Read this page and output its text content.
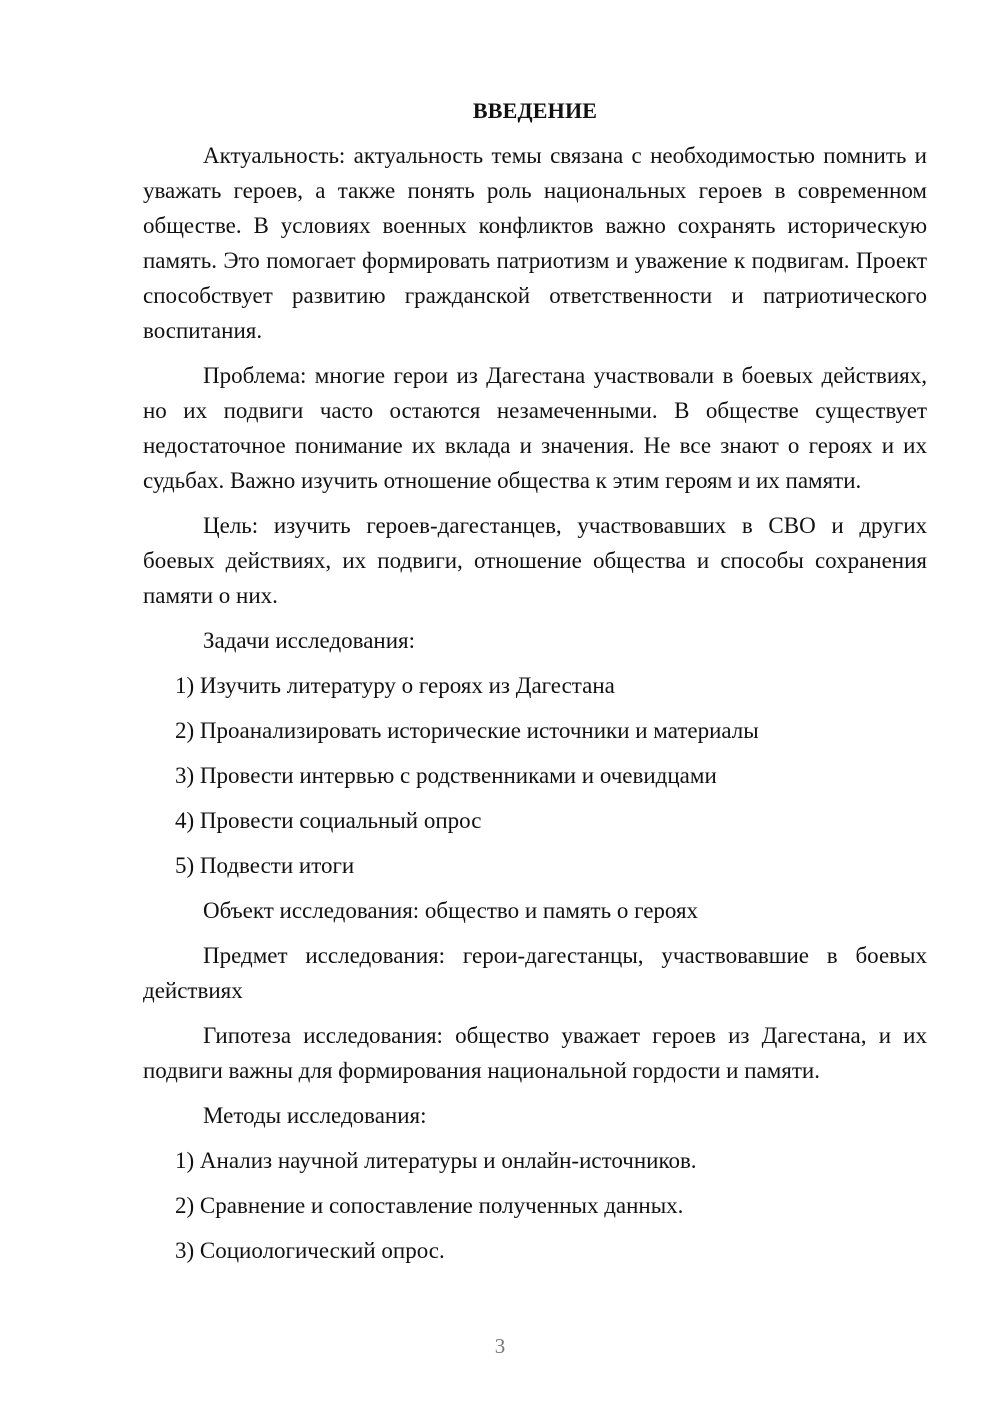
ВВЕДЕНИЕ

Актуальность: актуальность темы связана с необходимостью помнить и уважать героев, а также понять роль национальных героев в современном обществе. В условиях военных конфликтов важно сохранять историческую память. Это помогает формировать патриотизм и уважение к подвигам. Проект способствует развитию гражданской ответственности и патриотического воспитания.

Проблема: многие герои из Дагестана участвовали в боевых действиях, но их подвиги часто остаются незамеченными. В обществе существует недостаточное понимание их вклада и значения. Не все знают о героях и их судьбах. Важно изучить отношение общества к этим героям и их памяти.

Цель: изучить героев-дагестанцев, участвовавших в СВО и других боевых действиях, их подвиги, отношение общества и способы сохранения памяти о них.

Задачи исследования:

1) Изучить литературу о героях из Дагестана
2) Проанализировать исторические источники и материалы
3) Провести интервью с родственниками и очевидцами
4) Провести социальный опрос
5) Подвести итоги

Объект исследования: общество и память о героях

Предмет исследования: герои-дагестанцы, участвовавшие в боевых действиях

Гипотеза исследования: общество уважает героев из Дагестана, и их подвиги важны для формирования национальной гордости и памяти.

Методы исследования:

1) Анализ научной литературы и онлайн-источников.
2) Сравнение и сопоставление полученных данных.
3) Социологический опрос.
3
